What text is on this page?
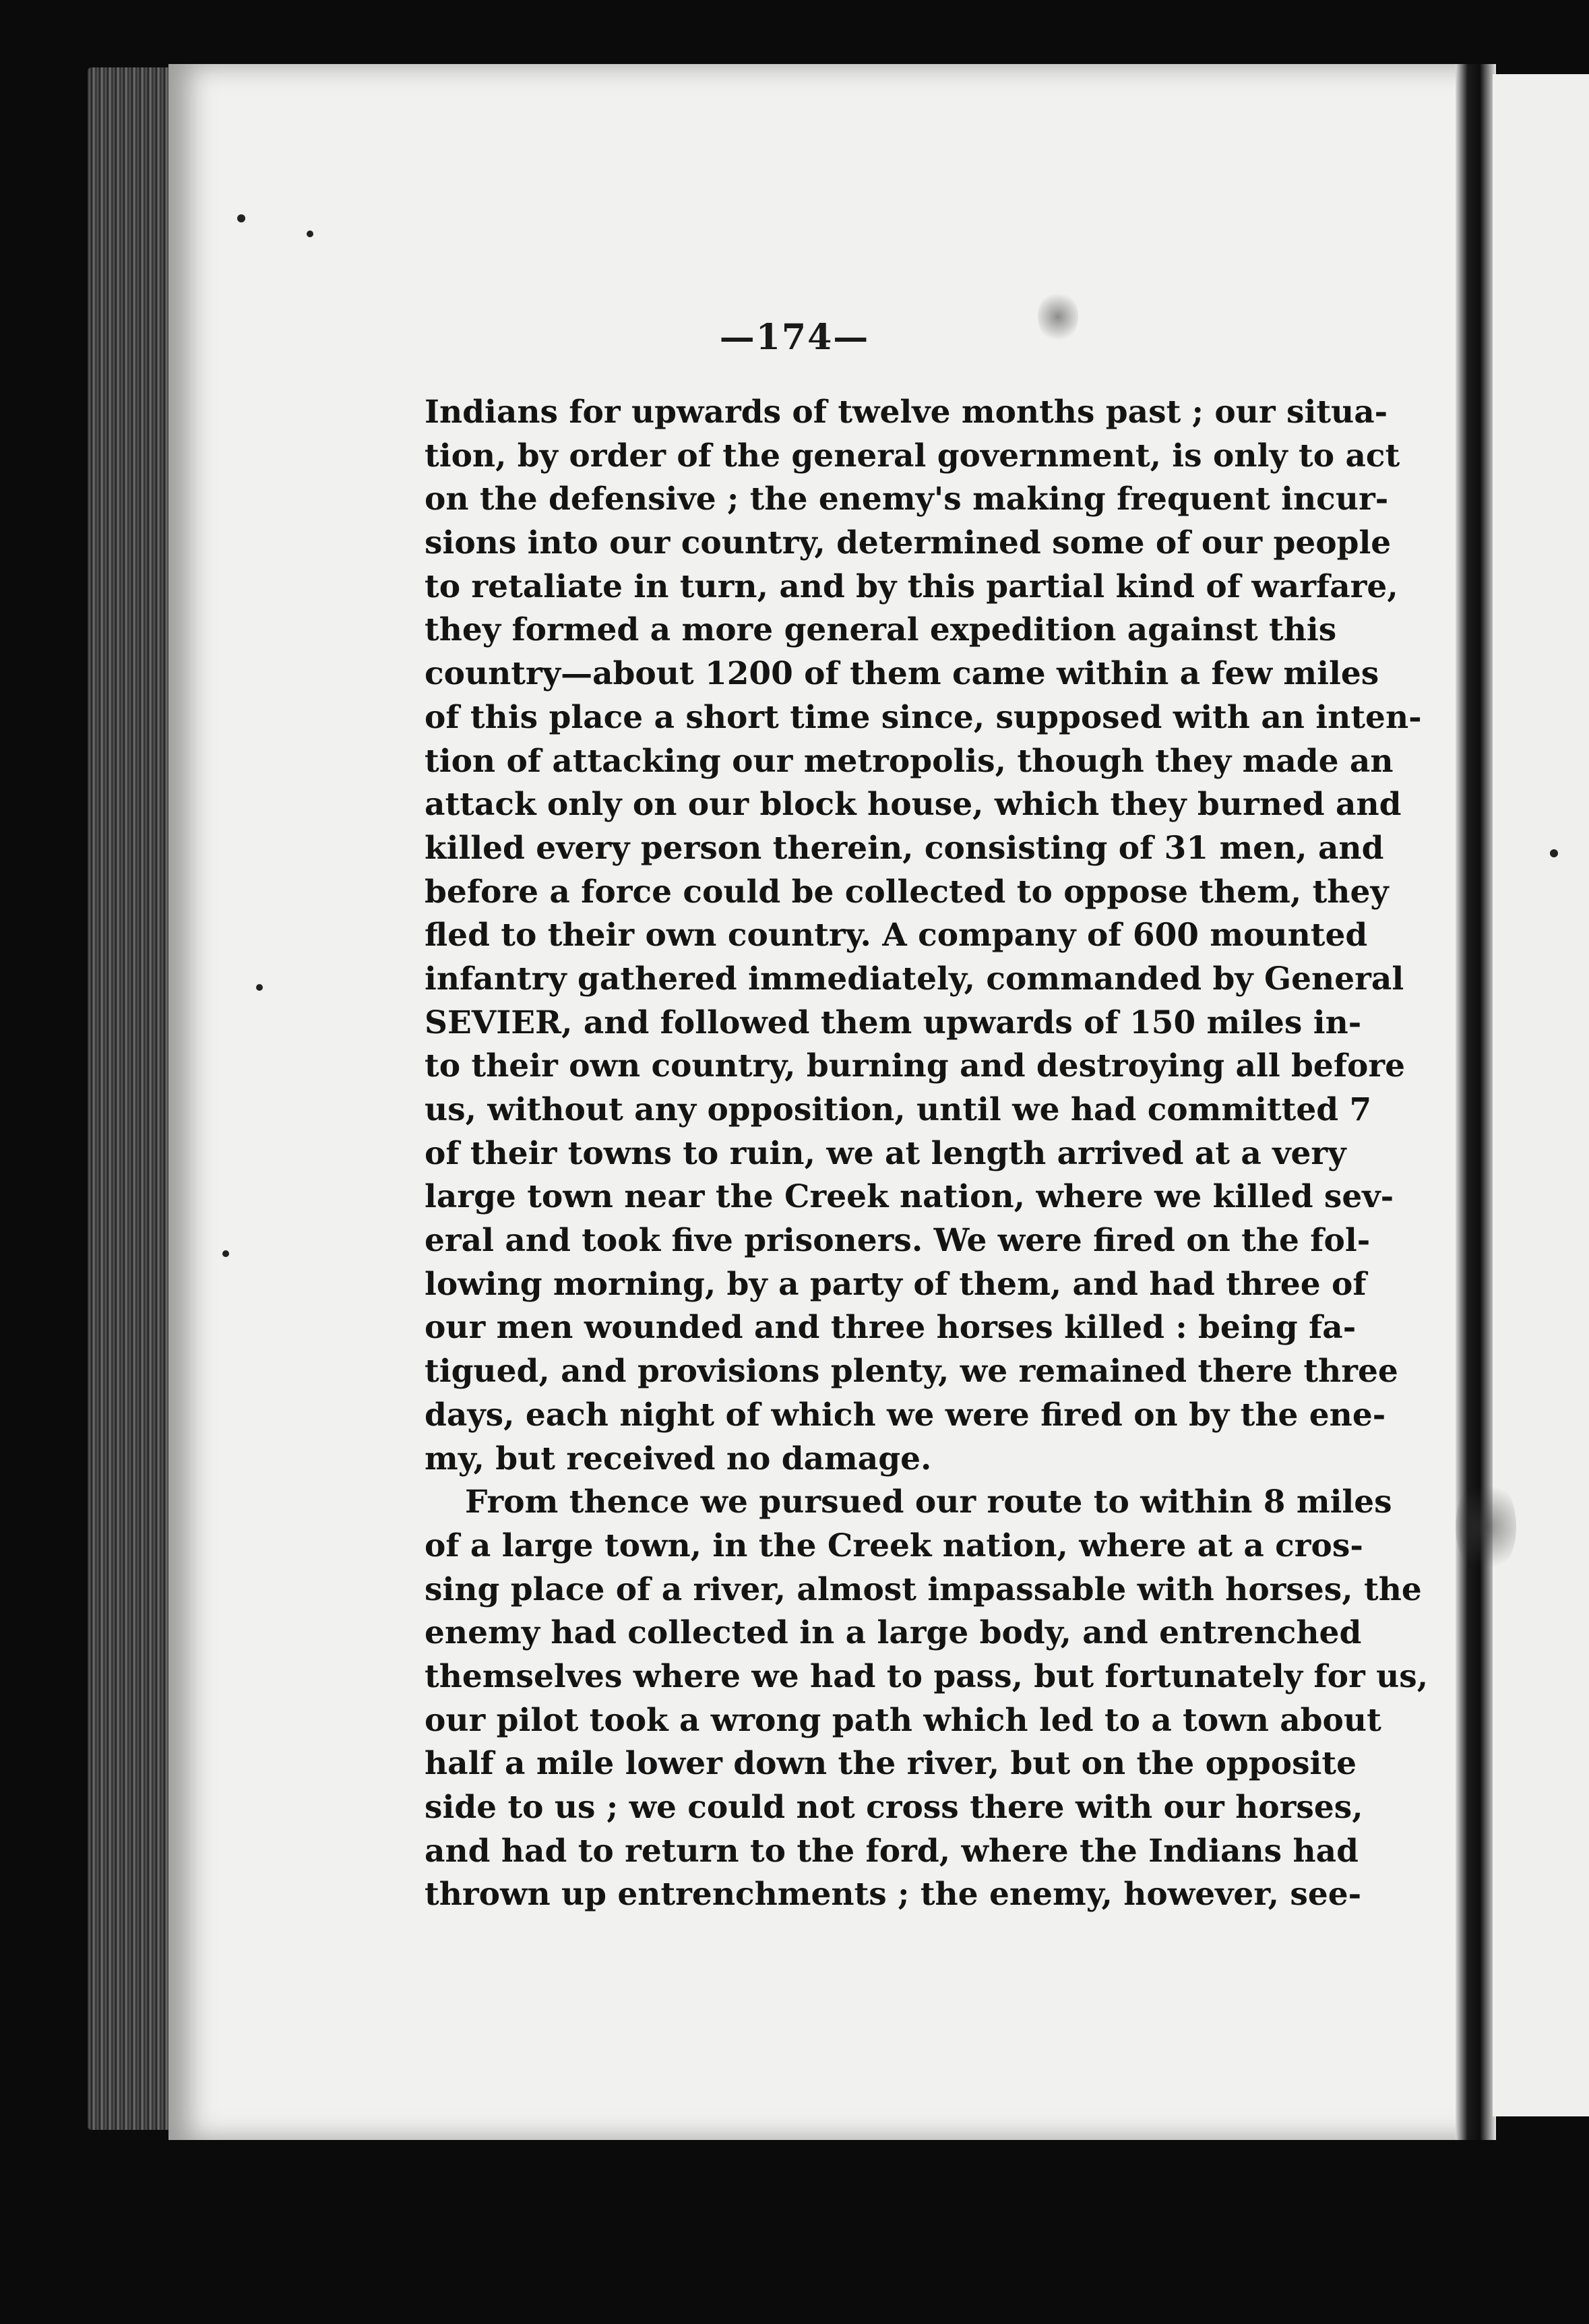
—174—
Indians for upwards of twelve months past ; our situa-
tion, by order of the general government, is only to act
on the defensive ; the enemy's making frequent incur-
sions into our country, determined some of our people
to retaliate in turn, and by this partial kind of warfare,
they formed a more general expedition against this
country—about 1200 of them came within a few miles
of this place a short time since, supposed with an inten-
tion of attacking our metropolis, though they made an
attack only on our block house, which they burned and
killed every person therein, consisting of 31 men, and
before a force could be collected to oppose them, they
fled to their own country. A company of 600 mounted
infantry gathered immediately, commanded by General
SEVIER, and followed them upwards of 150 miles in-
to their own country, burning and destroying all before
us, without any opposition, until we had committed 7
of their towns to ruin, we at length arrived at a very
large town near the Creek nation, where we killed sev-
eral and took five prisoners. We were fired on the fol-
lowing morning, by a party of them, and had three of
our men wounded and three horses killed : being fa-
tigued, and provisions plenty, we remained there three
days, each night of which we were fired on by the ene-
my, but received no damage.
From thence we pursued our route to within 8 miles
of a large town, in the Creek nation, where at a cros-
sing place of a river, almost impassable with horses, the
enemy had collected in a large body, and entrenched
themselves where we had to pass, but fortunately for us,
our pilot took a wrong path which led to a town about
half a mile lower down the river, but on the opposite
side to us ; we could not cross there with our horses,
and had to return to the ford, where the Indians had
thrown up entrenchments ; the enemy, however, see-
